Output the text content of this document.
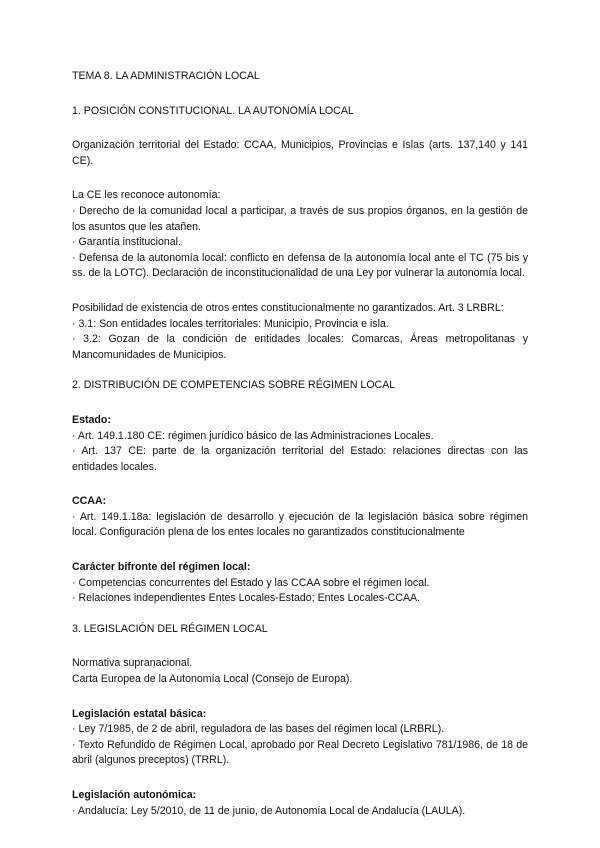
TEMA 8. LA ADMINISTRACIÓN LOCAL

1. POSICIÓN CONSTITUCIONAL. LA AUTONOMÍA LOCAL

Organización territorial del Estado: CCAA, Municipios, Provincias e Islas (arts. 137,140 y 141 CE).

La CE les reconoce autonomía:

· Derecho de la comunidad local a participar, a través de sus propios órganos, en la gestión de los asuntos que les atañen.

· Garantía institucional.

· Defensa de la autonomía local: conflicto en defensa de la autonomía local ante el TC (75 bis y ss. de la LOTC). Declaración de inconstitucionalidad de una Ley por vulnerar la autonomía local.

Posibilidad de existencia de otros entes constitucionalmente no garantizados. Art. 3 LRBRL:

· 3.1: Son entidades locales territoriales: Municipio, Provincia e isla.

· 3.2: Gozan de la condición de entidades locales: Comarcas, Áreas metropolitanas y Mancomunidades de Municipios.

2. DISTRIBUCIÓN DE COMPETENCIAS SOBRE RÉGIMEN LOCAL

Estado:

· Art. 149.1.180 CE: régimen jurídico básico de las Administraciones Locales.

· Art. 137 CE: parte de la organización territorial del Estado: relaciones directas con las entidades locales.

CCAA:

· Art. 149.1.18a: legislación de desarrollo y ejecución de la legislación básica sobre régimen local. Configuración plena de los entes locales no garantizados constitucionalmente

Carácter bifronte del régimen local:

· Competencias concurrentes del Estado y las CCAA sobre el régimen local.

· Relaciones independientes Entes Locales-Estado; Entes Locales-CCAA.

3. LEGISLACIÓN DEL RÉGIMEN LOCAL

Normativa supranacional.

Carta Europea de la Autonomía Local (Consejo de Europa).

Legislación estatal básica:

· Ley 7/1985, de 2 de abril, reguladora de las bases del régimen local (LRBRL).

· Texto Refundido de Régimen Local, aprobado por Real Decreto Legislativo 781/1986, de 18 de abril (algunos preceptos) (TRRL).

Legislación autonómica:

· Andalucía: Ley 5/2010, de 11 de junio, de Autonomía Local de Andalucía (LAULA).
